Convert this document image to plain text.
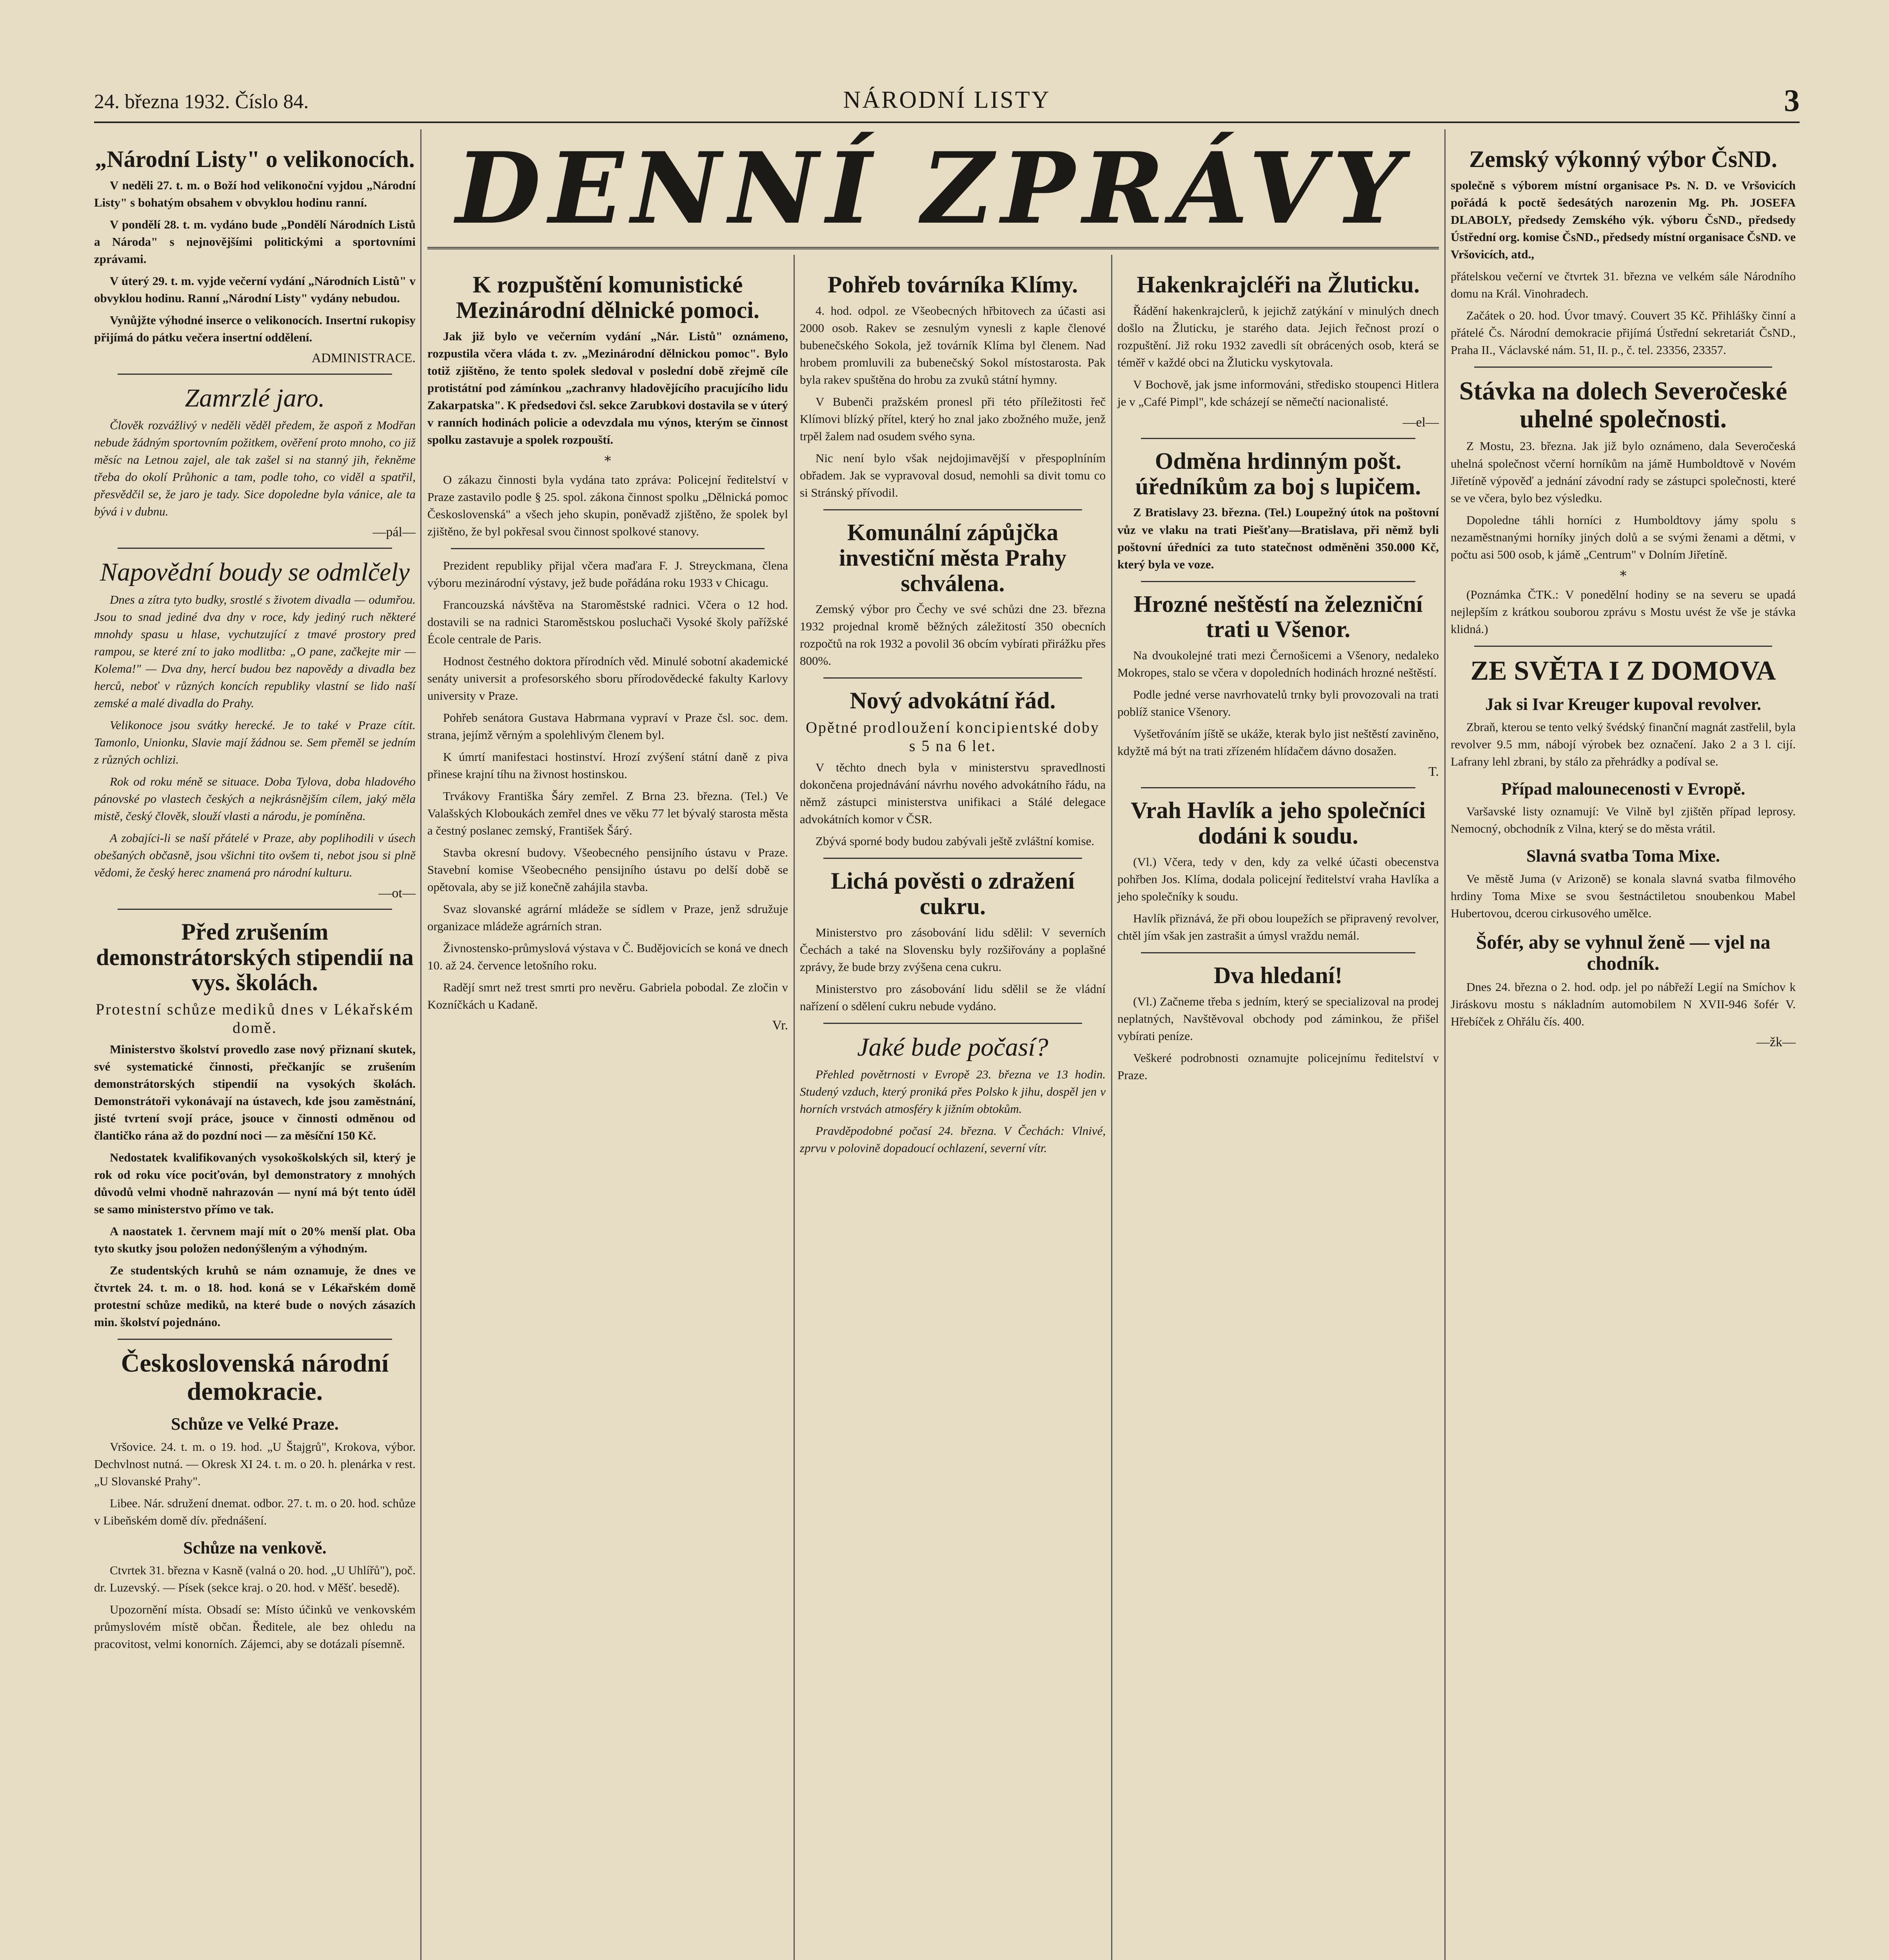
24. března 1932. Číslo 84.	NÁRODNÍ LISTY	3
DENNÍ ZPRÁVY
„Národní Listy" o velikonocích.

V neděli 27. t. m. o Boží hod velikonoční vyjdou „Národní Listy" s bohatým obsahem v obvyklou hodinu ranní.

V pondělí 28. t. m. vydáno bude „Pondělí Národních Listů a Národa" s nejnovějšími politickými a sportovními zprávami.

V úterý 29. t. m. vyjde večerní vydání „Národních Listů" v obvyklou hodinu. Ranní „Národní Listy" vydány nebudou.

Vynůjžte výhodné inserce o velikonocích. Insertní rukopisy přijímá do pátku večera insertní oddělení.

ADMINISTRACE.
Zamrzlé jaro.

Člověk rozvážlivý v neděli věděl předem, že aspoň z Modřan nebude žádným sportovním požitkem, ověření proto mnoho, co již měsíc na Letnou zajel, ale tak zašel si na stanný jih, řekněme třeba do okolí Průhonic a tam, podle toho, co viděl a spatřil, přesvědčil se, že jaro je tady. Sice dopoledne byla vánice, ale ta bývá i v dubnu.

—pál—
Napovědní boudy se odmlčely

Dnes a zítra tyto budky, srostlé s životem divadla — odumřou. Jsou to snad jediné dva dny v roce, kdy jediný ruch některé mnohdy spasu u hlase, vychutzující z tmavé prostory pred rampou, se které zní to jako modlitba: „O pane, začkejte mir — Kolema!" — Dva dny, hercí budou bez napovědy a divadla bez herců, neboť v různých koncích republiky vlastní se lido naší zemské a malé divadla do Prahy.

Velikonoce jsou svátky herecké. Je to také v Praze cítit. Tamonlo, Unionku, Slavie mají žádnou se. Sem přeměl se jedním z různých ochlizi.

Rok od roku méně se situace. Doba Tylova, doba hladového pánovské po vlastech českých a nejkrásnějším cílem, jaký měla mistě, český člověk, slouží vlasti a národu, je pomíněna.

A zobajíci-li se naší přátelé v Praze, aby poplihodili v úsech obešaných občasně, jsou všichni tito ovšem ti, nebot jsou si plně vědomi, že český herec znamená pro národní kulturu.

—ot—
Před zrušením demonstrátorských stipendií na vys. školách.
Protestní schůze mediků dnes v Lékařském domě.

Ministerstvo školství provedlo zase nový přiznaní skutek, své systematické činnosti, přečkanjíc se zrušením demonstrátorských stipendií na vysokých školách. Demonstrátoři vykonávají na ústavech, kde jsou zaměstnání, jisté tvrtení svojí práce, jsouce v činnosti odměnou od člantičko rána až do pozdní noci — za měsíční 150 Kč.

Nedostatek kvalifikovaných vysokoškolských sil, který je rok od roku více pociťován, byl demonstratory z mnohých důvodů velmi vhodně nahrazován — nyní má být tento úděl se samo ministerstvo přímo ve tak.

A naostatek 1. červnem mají mít o 20% menší plat. Oba tyto skutky jsou položen nedonýšleným a výhodným.

Ze studentských kruhů se nám oznamuje, že dnes ve čtvrtek 24. t. m. o 18. hod. koná se v Lékařském domě protestní schůze mediků, na které bude o nových zásazích min. školství pojednáno.

Československá národní demokracie.
Schůze ve Velké Praze.

Vršovice. 24. t. m. o 19. hod. „U Štajgrů", Krokova, výbor. Dechvlnost nutná. — Okresk XI 24. t. m. o 20. h. plenárka v rest. „U Slovanské Prahy".

Libee. Nár. sdružení dnemat. odbor. 27. t. m. o 20. hod. schůze v Libeňském domě dív. přednášení.

Schůze na venkově.

Ctvrtek 31. března v Kasně (valná o 20. hod. „U Uhlířů"), poč. dr. Luzevský. — Písek (sekce kraj. o 20. hod. v Měšť. besedě).

Upozornění místa. Obsadí se: Místo účinků ve venkovském průmyslovém místě občan. Ředitele, ale bez ohledu na pracovitost, velmi konorních. Zájemci, aby se dotázali písemně.

K rozpuštění komunistické Mezinárodní dělnické pomoci.

Jak již bylo ve večerním vydání „Nár. Listů" oznámeno, rozpustila včera vláda t. zv. „Mezinárodní dělnickou pomoc". Bylo totiž zjištěno, že tento spolek sledoval v poslední době zřejmě cíle protistátní pod zámínkou „zachranvy hladovějícího pracujícího lidu Zakarpatska". K předsedovi čsl. sekce Zarubkovi dostavila se v úterý v ranních hodinách policie a odevzdala mu výnos, kterým se činnost spolku zastavuje a spolek rozpouští.

*

O zákazu činnosti byla vydána tato zpráva: Policejní ředitelství v Praze zastavilo podle § 25. spol. zákona činnost spolku „Dělnická pomoc Československá" a všech jeho skupin, poněvadž zjištěno, že spolek byl zjištěno, že byl pokřesal svou činnost spolkové stanovy.

Prezident republiky přijal včera maďara F. J. Streyckmana, člena výboru mezinárodní výstavy, jež bude pořádána roku 1933 v Chicagu.

Francouzská návštěva na Staroměstské radnici. Včera o 12 hod. dostavili se na radnici Staroměstskou posluchači Vysoké školy pařížské École centrale de Paris.

Hodnost čestného doktora přírodních věd. Minulé sobotní akademické senáty universit a profesorského sboru přírodovědecké fakulty Karlovy university v Praze.

Pohřeb senátora Gustava Habrmana vypraví v Praze čsl. soc. dem. strana, jejímž věrným a spolehlivým členem byl.

K úmrtí manifestaci hostinství. Hrozí zvýšení státní daně z piva přinese krajní tíhu na živnost hostinskou.

Trvákovy Františka Šáry zemřel. Z Brna 23. března. (Tel.) Ve Valašských Kloboukách zemřel dnes ve věku 77 let bývalý starosta města a čestný poslanec zemský, František Šárý.

Stavba okresní budovy. Všeobecného pensijního ústavu v Praze. Stavební komise Všeobecného pensijního ústavu po delší době se opětovala, aby se již konečně zahájila stavba.

Svaz slovanské agrární mládeže se sídlem v Praze, jenž sdružuje organizace mládeže agrárních stran.

Živnostensko-průmyslová výstava v Č. Budějovicích se koná ve dnech 10. až 24. července letošního roku.

Radějí smrt než trest smrti pro nevěru. Gabriela pobodal. Ze zločin v Kozníčkách u Kadaně.

Vr.
Pohřeb továrníka Klímy.

4. hod. odpol. ze Všeobecných hřbitovech za účasti asi 2000 osob. Rakev se zesnulým vynesli z kaple členové bubenečského Sokola, jež továrník Klíma byl členem. Nad hrobem promluvili za bubenečský Sokol místostarosta. Pak byla rakev spuštěna do hrobu za zvuků státní hymny.

V Bubenči pražském pronesl při této příležitosti řeč Klímovi blízký přítel, který ho znal jako zbožného muže, jenž trpěl žalem nad osudem svého syna.

Nic není bylo však nejdojimavější v přespoplníním obřadem. Jak se vypravoval dosud, nemohli sa divit tomu co si Stránský přívodil.

Komunální zápůjčka investiční města Prahy schválena.

Zemský výbor pro Čechy ve své schůzi dne 23. března 1932 projednal kromě běžných záležitostí 350 obecních rozpočtů na rok 1932 a povolil 36 obcím vybírati přirážku přes 800%.

Nový advokátní řád.
Opětné prodloužení koncipientské doby s 5 na 6 let.

V těchto dnech byla v ministerstvu spravedlnosti dokončena projednávání návrhu nového advokátního řádu, na němž zástupci ministerstva unifikaci a Stálé delegace advokátních komor v ČSR.

Zbývá sporné body budou zabývali ještě zvláštní komise.

Lichá pověsti o zdražení cukru.

Ministerstvo pro zásobování lidu sdělil: V severních Čechách a také na Slovensku byly rozšiřovány a poplašné zprávy, že bude brzy zvýšena cena cukru.

Ministerstvo pro zásobování lidu sdělil se že vládní nařízení o sdělení cukru nebude vydáno.

Jaké bude počasí?

Přehled povětrnosti v Evropě 23. března ve 13 hodin. Studený vzduch, který proniká přes Polsko k jihu, dospěl jen v horních vrstvách atmosféry k jižním obtokům.

Pravděpodobné počasí 24. března. V Čechách: Vlnivé, zprvu v polovině dopadoucí ochlazení, severní vítr.

Hakenkrajcléři na Žluticku.

Řádění hakenkrajclerů, k jejichž zatýkání v minulých dnech došlo na Žluticku, je starého data. Jejich řečnost prozí o rozpuštění. Již roku 1932 zavedli sít obrácených osob, která se téměř v každé obci na Žluticku vyskytovala.

V Bochově, jak jsme informováni, středisko stoupenci Hitlera je v „Café Pimpl", kde scházejí se němečtí nacionalisté.

—el—
Odměna hrdinným pošt. úředníkům za boj s lupičem.

Z Bratislavy 23. března. (Tel.) Loupežný útok na poštovní vůz ve vlaku na trati Piešťany—Bratislava, při němž byli poštovní úředníci za tuto statečnost odměněni 350.000 Kč, který byla ve voze.

Hrozné neštěstí na železniční trati u Všenor.

Na dvoukolejné trati mezi Černošicemi a Všenory, nedaleko Mokropes, stalo se včera v dopoledních hodinách hrozné neštěstí.

Podle jedné verse navrhovatelů trnky byli provozovali na trati poblíž stanice Všenory.

Vyšetřováním jíště se ukáže, kterak bylo jist neštěstí zaviněno, kdyžtě má být na trati zřízeném hlídačem dávno dosažen.

T.
Vrah Havlík a jeho společníci dodáni k soudu.

(Vl.) Včera, tedy v den, kdy za velké účasti obecenstva pohřben Jos. Klíma, dodala policejní ředitelství vraha Havlíka a jeho společníky k soudu.

Havlík přiznává, že při obou loupežích se připravený revolver, chtěl jím však jen zastrašit a úmysl vraždu nemál.

Dva hledaní!

(Vl.) Začneme třeba s jedním, který se specializoval na prodej neplatných, Navštěvoval obchody pod záminkou, že přišel vybírati peníze.

Veškeré podrobnosti oznamujte policejnímu ředitelství v Praze.

Zemský výkonný výbor ČsND.

společně s výborem místní organisace Ps. N. D. ve Vršovicích pořádá k poctě šedesátých narozenin Mg. Ph. JOSEFA DLABOLY, předsedy Zemského výk. výboru ČsND., předsedy Ústřední org. komise ČsND., předsedy místní organisace ČsND. ve Vršovicích, atd.,

přátelskou večerní ve čtvrtek 31. března ve velkém sále Národního domu na Král. Vinohradech.

Začátek o 20. hod. Úvor tmavý. Couvert 35 Kč. Přihlášky činní a přátelé Čs. Národní demokracie přijímá Ústřední sekretariát ČsND., Praha II., Václavské nám. 51, II. p., č. tel. 23356, 23357.

Stávka na dolech Severočeské uhelné společnosti.

Z Mostu, 23. března. Jak již bylo oznámeno, dala Severočeská uhelná společnost včerní horníkům na jámě Humboldtově v Novém Jiřetíně výpověď a jednání závodní rady se zástupci společnosti, které se ve včera, bylo bez výsledku.

Dopoledne táhli horníci z Humboldtovy jámy spolu s nezaměstnanými horníky jiných dolů a se svými ženami a dětmi, v počtu asi 500 osob, k jámě „Centrum" v Dolním Jiřetíně.

*

(Poznámka ČTK.: V ponedělní hodiny se na severu se upadá nejlepším z krátkou souborou zprávu s Mostu uvést že vše je stávka klidná.)

ZE SVĚTA I Z DOMOVA
Jak si Ivar Kreuger kupoval revolver.

Zbraň, kterou se tento velký švédský finanční magnát zastřelil, byla revolver 9.5 mm, nábojí výrobek bez označení. Jako 2 a 3 l. cijí. Lafrany lehl zbrani, by stálo za přehrádky a podíval se.

Případ malounecenosti v Evropě.

Varšavské listy oznamují: Ve Vilně byl zjištěn případ leprosy. Nemocný, obchodník z Vilna, který se do města vrátil.

Slavná svatba Toma Mixe.

Ve městě Juma (v Arizoně) se konala slavná svatba filmového hrdiny Toma Mixe se svou šestnáctiletou snoubenkou Mabel Hubertovou, dcerou cirkusového umělce.

Šofér, aby se vyhnul ženě — vjel na chodník.

Dnes 24. března o 2. hod. odp. jel po nábřeží Legií na Smíchov k Jiráskovu mostu s nákladním automobilem N XVII-946 šofér V. Hřebíček z Ohřálu čís. 400.

—žk—
